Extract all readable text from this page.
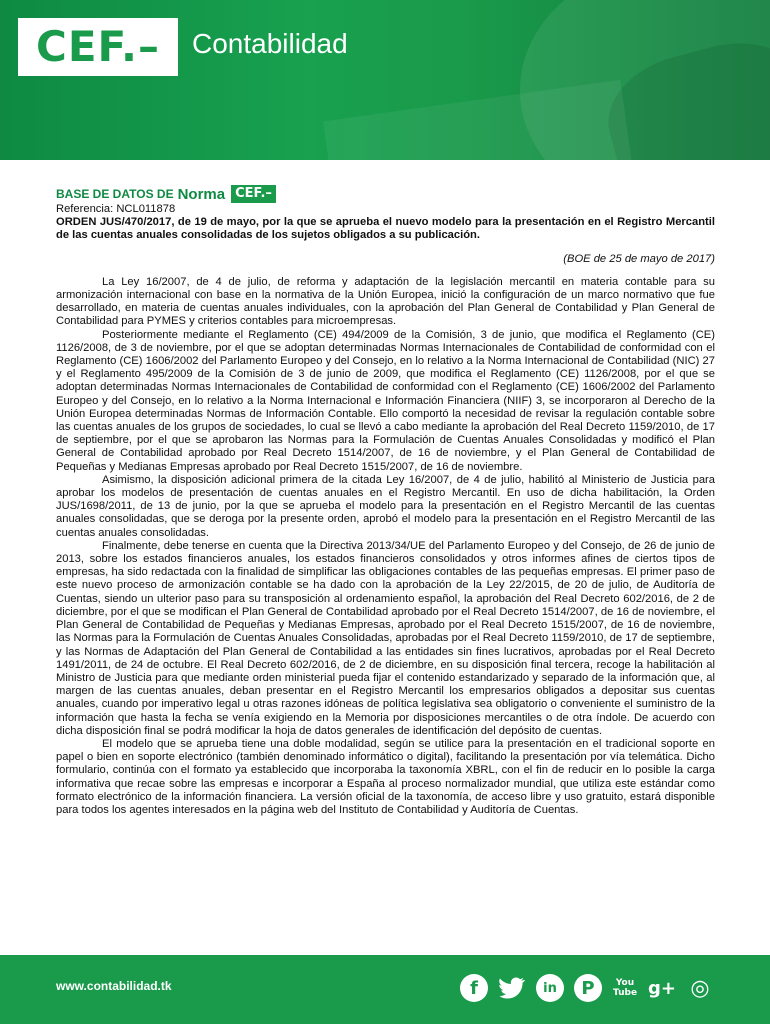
CEF.– Contabilidad
BASE DE DATOS DE Norma CEF.–

Referencia: NCL011878

ORDEN JUS/470/2017, de 19 de mayo, por la que se aprueba el nuevo modelo para la presentación en el Registro Mercantil de las cuentas anuales consolidadas de los sujetos obligados a su publicación.

(BOE de 25 de mayo de 2017)

La Ley 16/2007, de 4 de julio, de reforma y adaptación de la legislación mercantil en materia contable para su armonización internacional con base en la normativa de la Unión Europea, inició la configuración de un marco normativo que fue desarrollado, en materia de cuentas anuales individuales, con la aprobación del Plan General de Contabilidad y Plan General de Contabilidad para PYMES y criterios contables para microempresas.

Posteriormente mediante el Reglamento (CE) 494/2009 de la Comisión, 3 de junio, que modifica el Reglamento (CE) 1126/2008, de 3 de noviembre, por el que se adoptan determinadas Normas Internacionales de Contabilidad de conformidad con el Reglamento (CE) 1606/2002 del Parlamento Europeo y del Consejo, en lo relativo a la Norma Internacional de Contabilidad (NIC) 27 y el Reglamento 495/2009 de la Comisión de 3 de junio de 2009, que modifica el Reglamento (CE) 1126/2008, por el que se adoptan determinadas Normas Internacionales de Contabilidad de conformidad con el Reglamento (CE) 1606/2002 del Parlamento Europeo y del Consejo, en lo relativo a la Norma Internacional e Información Financiera (NIIF) 3, se incorporaron al Derecho de la Unión Europea determinadas Normas de Información Contable. Ello comportó la necesidad de revisar la regulación contable sobre las cuentas anuales de los grupos de sociedades, lo cual se llevó a cabo mediante la aprobación del Real Decreto 1159/2010, de 17 de septiembre, por el que se aprobaron las Normas para la Formulación de Cuentas Anuales Consolidadas y modificó el Plan General de Contabilidad aprobado por Real Decreto 1514/2007, de 16 de noviembre, y el Plan General de Contabilidad de Pequeñas y Medianas Empresas aprobado por Real Decreto 1515/2007, de 16 de noviembre.

Asimismo, la disposición adicional primera de la citada Ley 16/2007, de 4 de julio, habilitó al Ministerio de Justicia para aprobar los modelos de presentación de cuentas anuales en el Registro Mercantil. En uso de dicha habilitación, la Orden JUS/1698/2011, de 13 de junio, por la que se aprueba el modelo para la presentación en el Registro Mercantil de las cuentas anuales consolidadas, que se deroga por la presente orden, aprobó el modelo para la presentación en el Registro Mercantil de las cuentas anuales consolidadas.

Finalmente, debe tenerse en cuenta que la Directiva 2013/34/UE del Parlamento Europeo y del Consejo, de 26 de junio de 2013, sobre los estados financieros anuales, los estados financieros consolidados y otros informes afines de ciertos tipos de empresas, ha sido redactada con la finalidad de simplificar las obligaciones contables de las pequeñas empresas. El primer paso de este nuevo proceso de armonización contable se ha dado con la aprobación de la Ley 22/2015, de 20 de julio, de Auditoría de Cuentas, siendo un ulterior paso para su transposición al ordenamiento español, la aprobación del Real Decreto 602/2016, de 2 de diciembre, por el que se modifican el Plan General de Contabilidad aprobado por el Real Decreto 1514/2007, de 16 de noviembre, el Plan General de Contabilidad de Pequeñas y Medianas Empresas, aprobado por el Real Decreto 1515/2007, de 16 de noviembre, las Normas para la Formulación de Cuentas Anuales Consolidadas, aprobadas por el Real Decreto 1159/2010, de 17 de septiembre, y las Normas de Adaptación del Plan General de Contabilidad a las entidades sin fines lucrativos, aprobadas por el Real Decreto 1491/2011, de 24 de octubre. El Real Decreto 602/2016, de 2 de diciembre, en su disposición final tercera, recoge la habilitación al Ministro de Justicia para que mediante orden ministerial pueda fijar el contenido estandarizado y separado de la información que, al margen de las cuentas anuales, deban presentar en el Registro Mercantil los empresarios obligados a depositar sus cuentas anuales, cuando por imperativo legal u otras razones idóneas de política legislativa sea obligatorio o conveniente el suministro de la información que hasta la fecha se venía exigiendo en la Memoria por disposiciones mercantiles o de otra índole. De acuerdo con dicha disposición final se podrá modificar la hoja de datos generales de identificación del depósito de cuentas.

El modelo que se aprueba tiene una doble modalidad, según se utilice para la presentación en el tradicional soporte en papel o bien en soporte electrónico (también denominado informático o digital), facilitando la presentación por vía telemática. Dicho formulario, continúa con el formato ya establecido que incorporaba la taxonomía XBRL, con el fin de reducir en lo posible la carga informativa que recae sobre las empresas e incorporar a España al proceso normalizador mundial, que utiliza este estándar como formato electrónico de la información financiera. La versión oficial de la taxonomía, de acceso libre y uso gratuito, estará disponible para todos los agentes interesados en la página web del Instituto de Contabilidad y Auditoría de Cuentas.

www.contabilidad.tk	f	in	P	You Tube g+ ◎
